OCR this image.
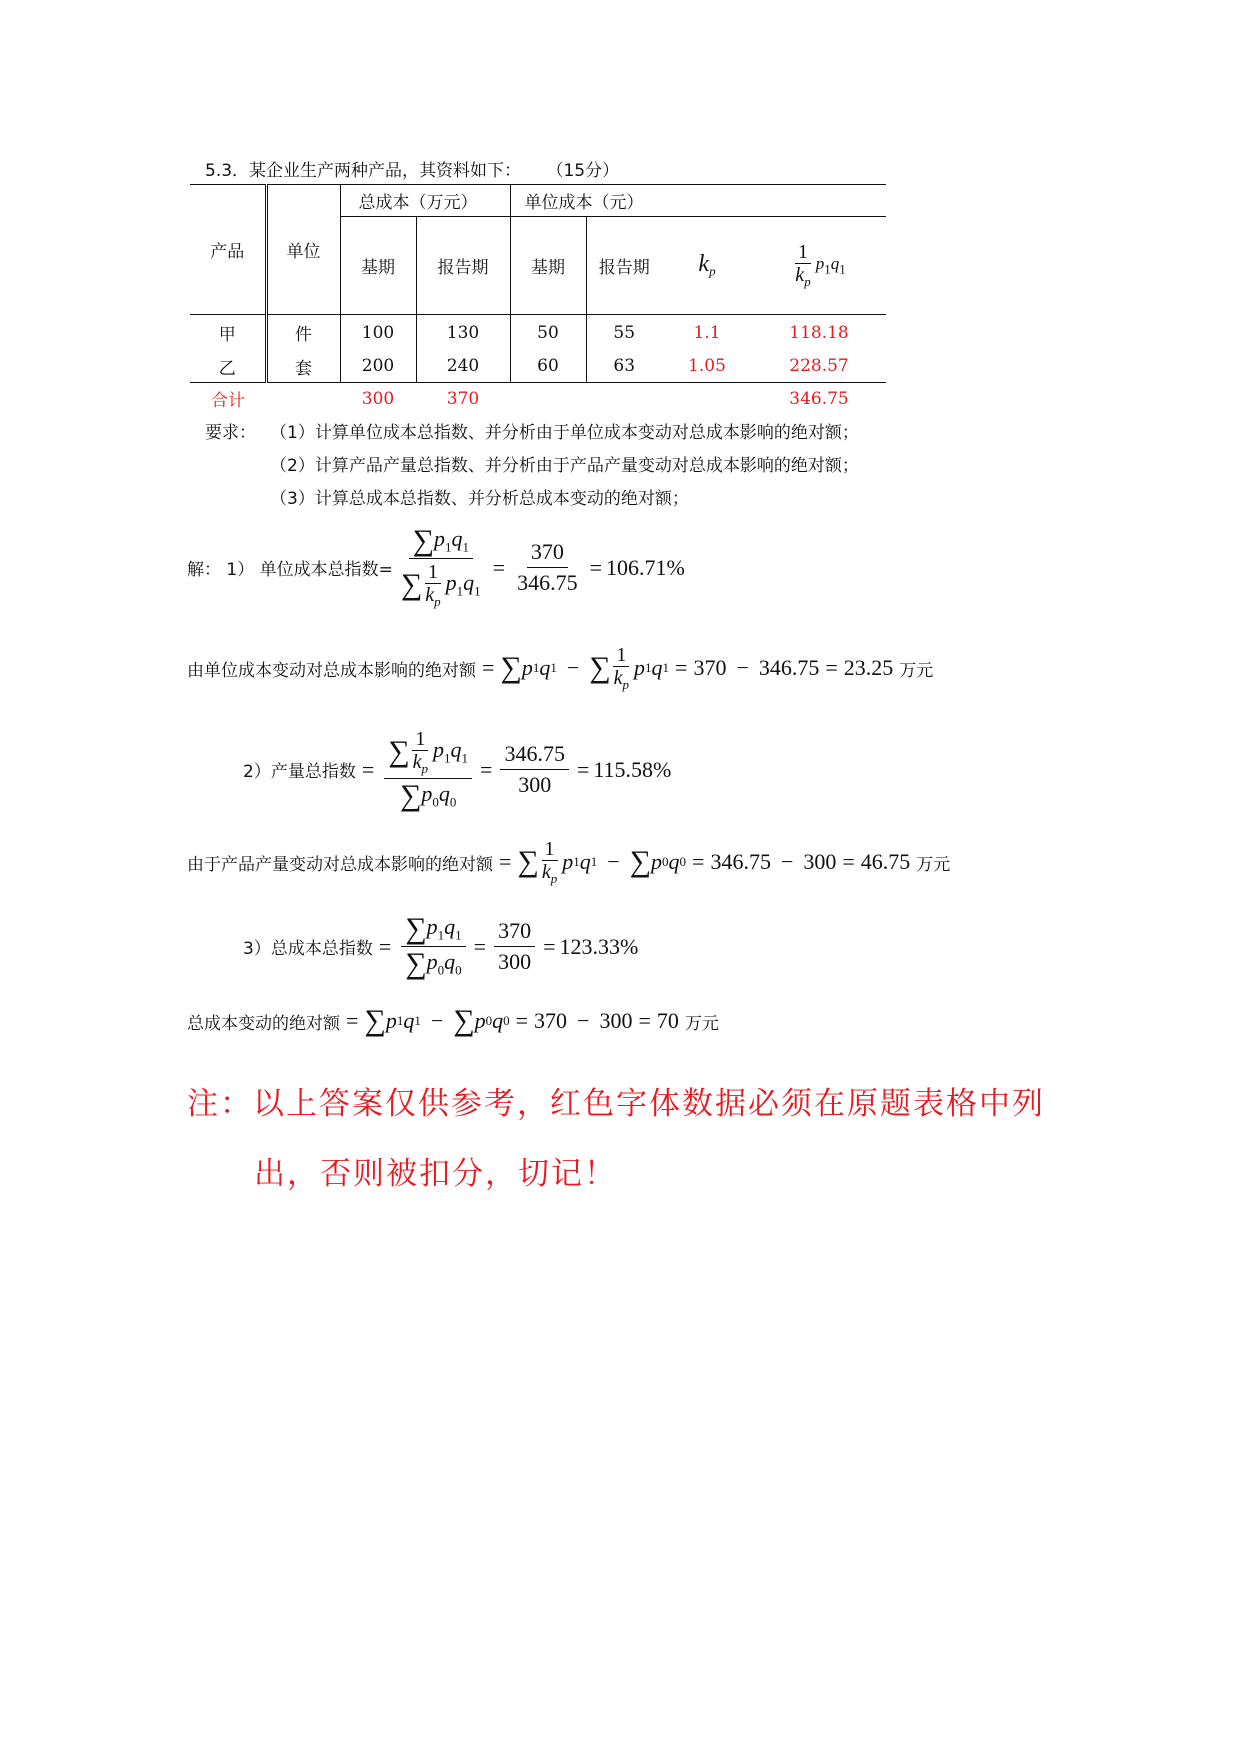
5.3．某企业生产两种产品，其资料如下： （15分）
产品	单位	总成本（万元）		单位成本（元）			
		基期	报告期	基期	报告期	$k_p$	$\frac{1}{k_p} p_1q_1$
甲	件	100	130	50	55	1.1	118.18
乙	套	200	240	60	63	1.05	228.57
合计		300	370				346.75
要求： （1）计算单位成本总指数、并分析由于单位成本变动对总成本影响的绝对额；
（2）计算产品产量总指数、并分析由于产品产量变动对总成本影响的绝对额；
（3）计算总成本总指数、并分析总成本变动的绝对额；
解： 1） 单位成本总指数= $\frac{\sum p_1q_1}{\sum \frac{1}{k_p} p_1q_1} = \frac{370}{346.75} = 106.71\%$
由单位成本变动对总成本影响的绝对额 = ∑ p 1 q 1 − ∑ 1
$k_p$
p 1 q 1 = 370 − 346.75 = 23.25 万元
2）产量总指数 = $\frac{\sum \frac{1}{k_p} p_1q_1}{\sum p_0q_0} = \frac{346.75}{300} = 115.58\%$
由于产品产量变动对总成本影响的绝对额 = ∑ 1
$k_p$
p 1 q 1 − ∑ p 0 q 0 = 346.75 − 300 = 46.75 万元
3）总成本总指数 = $\frac{\sum p_1q_1}{\sum p_0q_0} = \frac{370}{300} = 123.33\%$
总成本变动的绝对额 = ∑ p 1 q 1 − ∑ p 0 q 0 = 370 − 300 = 70 万元
注：以上答案仅供参考，红色字体数据必须在原题表格中列
出，否则被扣分，切记！
